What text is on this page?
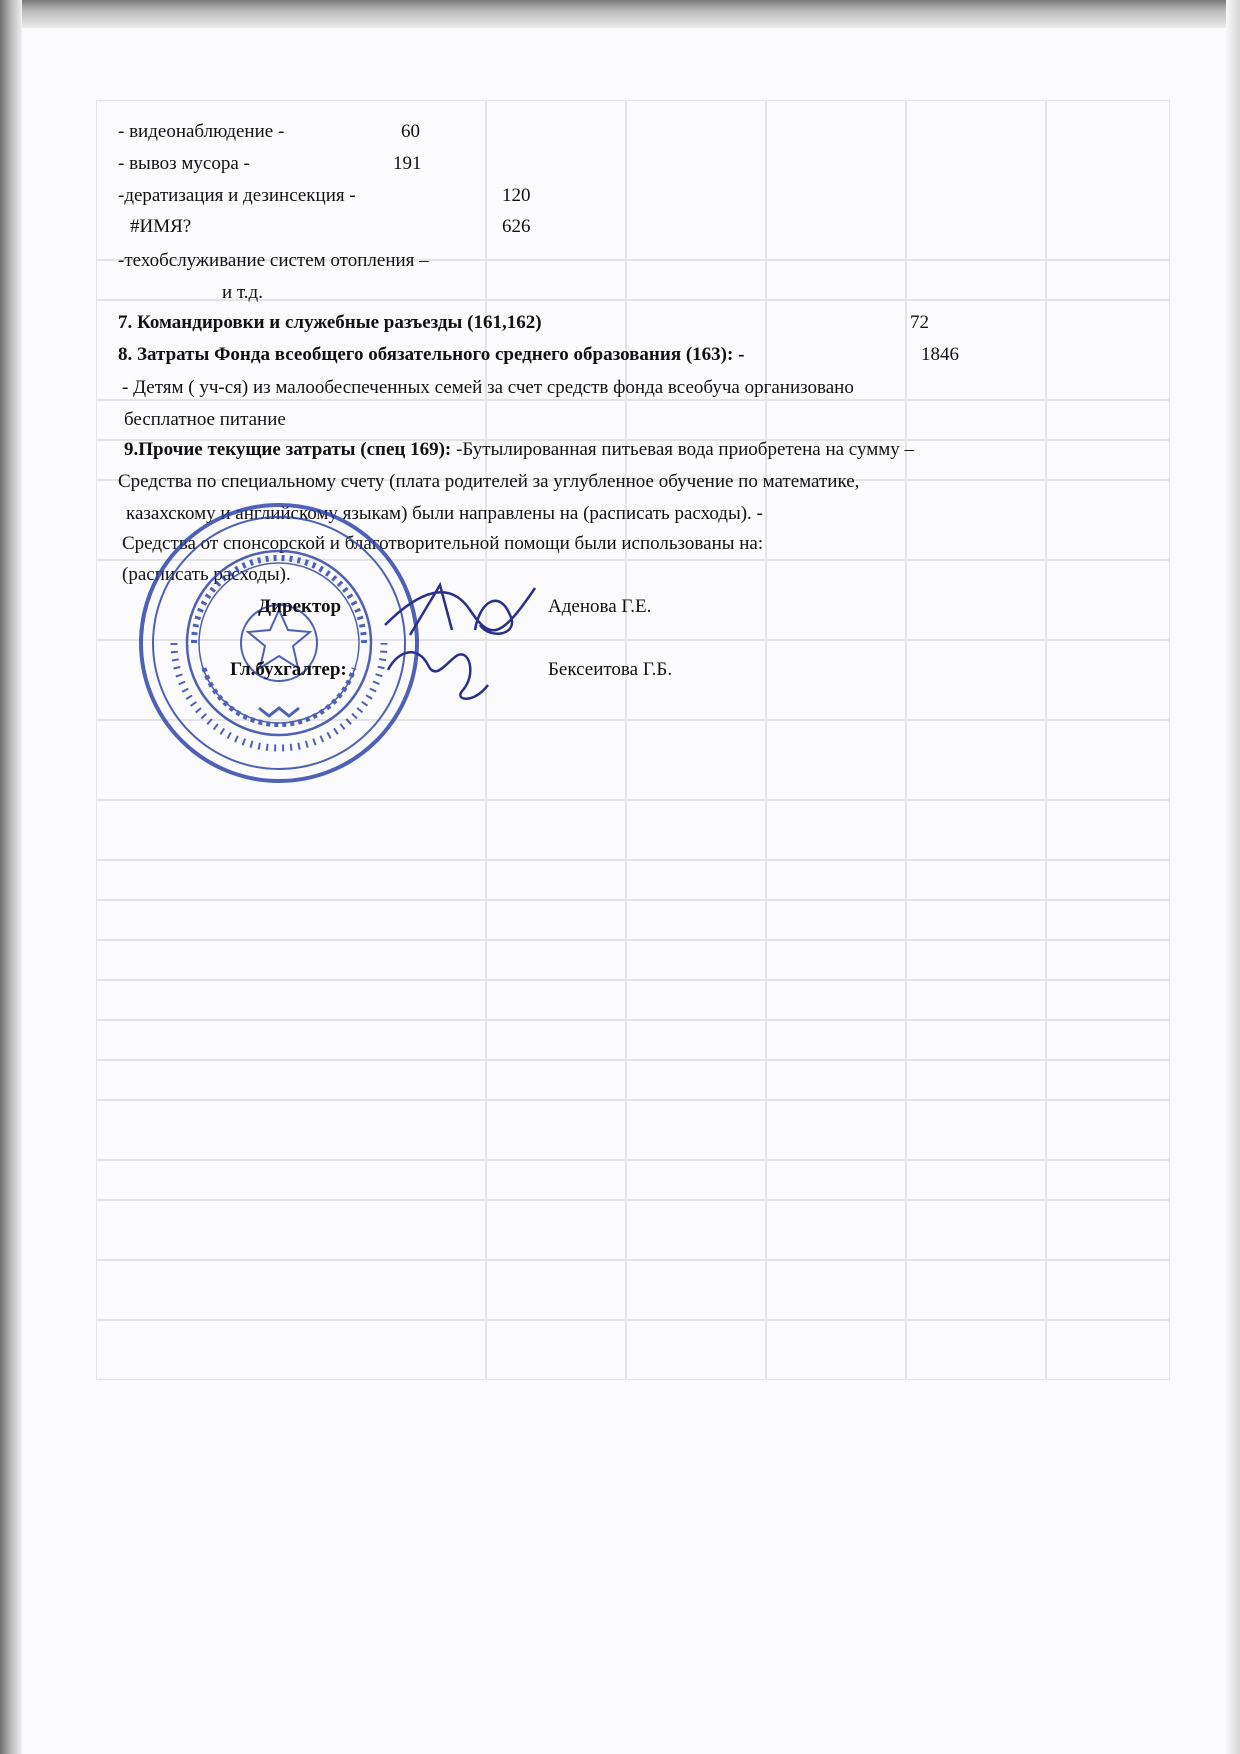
- видеонаблюдение -	60
- вывоз мусора -	191
-дератизация и дезинсекция -	120
#ИМЯ?	626
-техобслуживание систем отопления –
и т.д.
7. Командировки и служебные разъезды (161,162)	72
8. Затраты Фонда всеобщего обязательного среднего образования (163): -	1846
- Детям ( уч-ся) из малообеспеченных семей за счет средств фонда всеобуча организовано
бесплатное питание
9.Прочие текущие затраты (спец 169): -Бутылированная питьевая вода приобретена на сумму –
Средства по специальному счету (плата родителей за углубленное обучение по математике,
казахскому и английскому языкам) были направлены на (расписать расходы). -
Средства от спонсорской и благотворительной помощи были использованы на:
(расписать расходы).
Директор	Аденова Г.Е.
Гл.бухгалтер:	Бексеитова Г.Б.
